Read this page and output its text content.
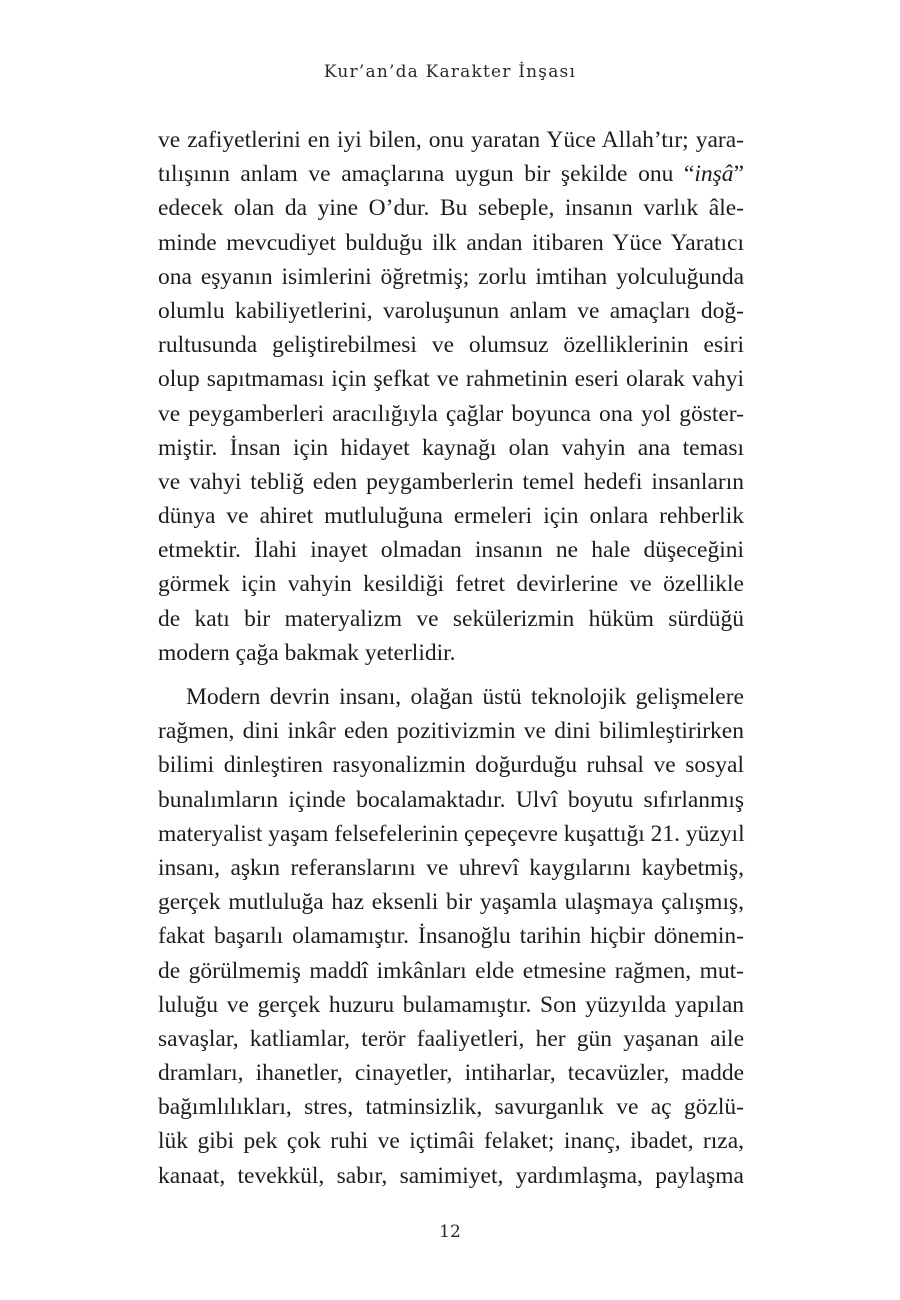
Kur’an’da Karakter İnşası
ve zafiyetlerini en iyi bilen, onu yaratan Yüce Allah’tır; yara-
tılışının anlam ve amaçlarına uygun bir şekilde onu “inşâ”
edecek olan da yine O’dur. Bu sebeple, insanın varlık âle-
minde mevcudiyet bulduğu ilk andan itibaren Yüce Yaratıcı
ona eşyanın isimlerini öğretmiş; zorlu imtihan yolculuğunda
olumlu kabiliyetlerini, varoluşunun anlam ve amaçları doğ-
rultusunda geliştirebilmesi ve olumsuz özelliklerinin esiri
olup sapıtmaması için şefkat ve rahmetinin eseri olarak vahyi
ve peygamberleri aracılığıyla çağlar boyunca ona yol göster-
miştir. İnsan için hidayet kaynağı olan vahyin ana teması
ve vahyi tebliğ eden peygamberlerin temel hedefi insanların
dünya ve ahiret mutluluğuna ermeleri için onlara rehberlik
etmektir. İlahi inayet olmadan insanın ne hale düşeceğini
görmek için vahyin kesildiği fetret devirlerine ve özellikle
de katı bir materyalizm ve sekülerizmin hüküm sürdüğü
modern çağa bakmak yeterlidir.
Modern devrin insanı, olağan üstü teknolojik gelişmelere
rağmen, dini inkâr eden pozitivizmin ve dini bilimleştirirken
bilimi dinleştiren rasyonalizmin doğurduğu ruhsal ve sosyal
bunalımların içinde bocalamaktadır. Ulvî boyutu sıfırlanmış
materyalist yaşam felsefelerinin çepeçevre kuşattığı 21. yüzyıl
insanı, aşkın referanslarını ve uhrevî kaygılarını kaybetmiş,
gerçek mutluluğa haz eksenli bir yaşamla ulaşmaya çalışmış,
fakat başarılı olamamıştır. İnsanoğlu tarihin hiçbir dönemin-
de görülmemiş maddî imkânları elde etmesine rağmen, mut-
luluğu ve gerçek huzuru bulamamıştır. Son yüzyılda yapılan
savaşlar, katliamlar, terör faaliyetleri, her gün yaşanan aile
dramları, ihanetler, cinayetler, intiharlar, tecavüzler, madde
bağımlılıkları, stres, tatminsizlik, savurganlık ve aç gözlü-
lük gibi pek çok ruhi ve içtimâi felaket; inanç, ibadet, rıza,
kanaat, tevekkül, sabır, samimiyet, yardımlaşma, paylaşma
12
